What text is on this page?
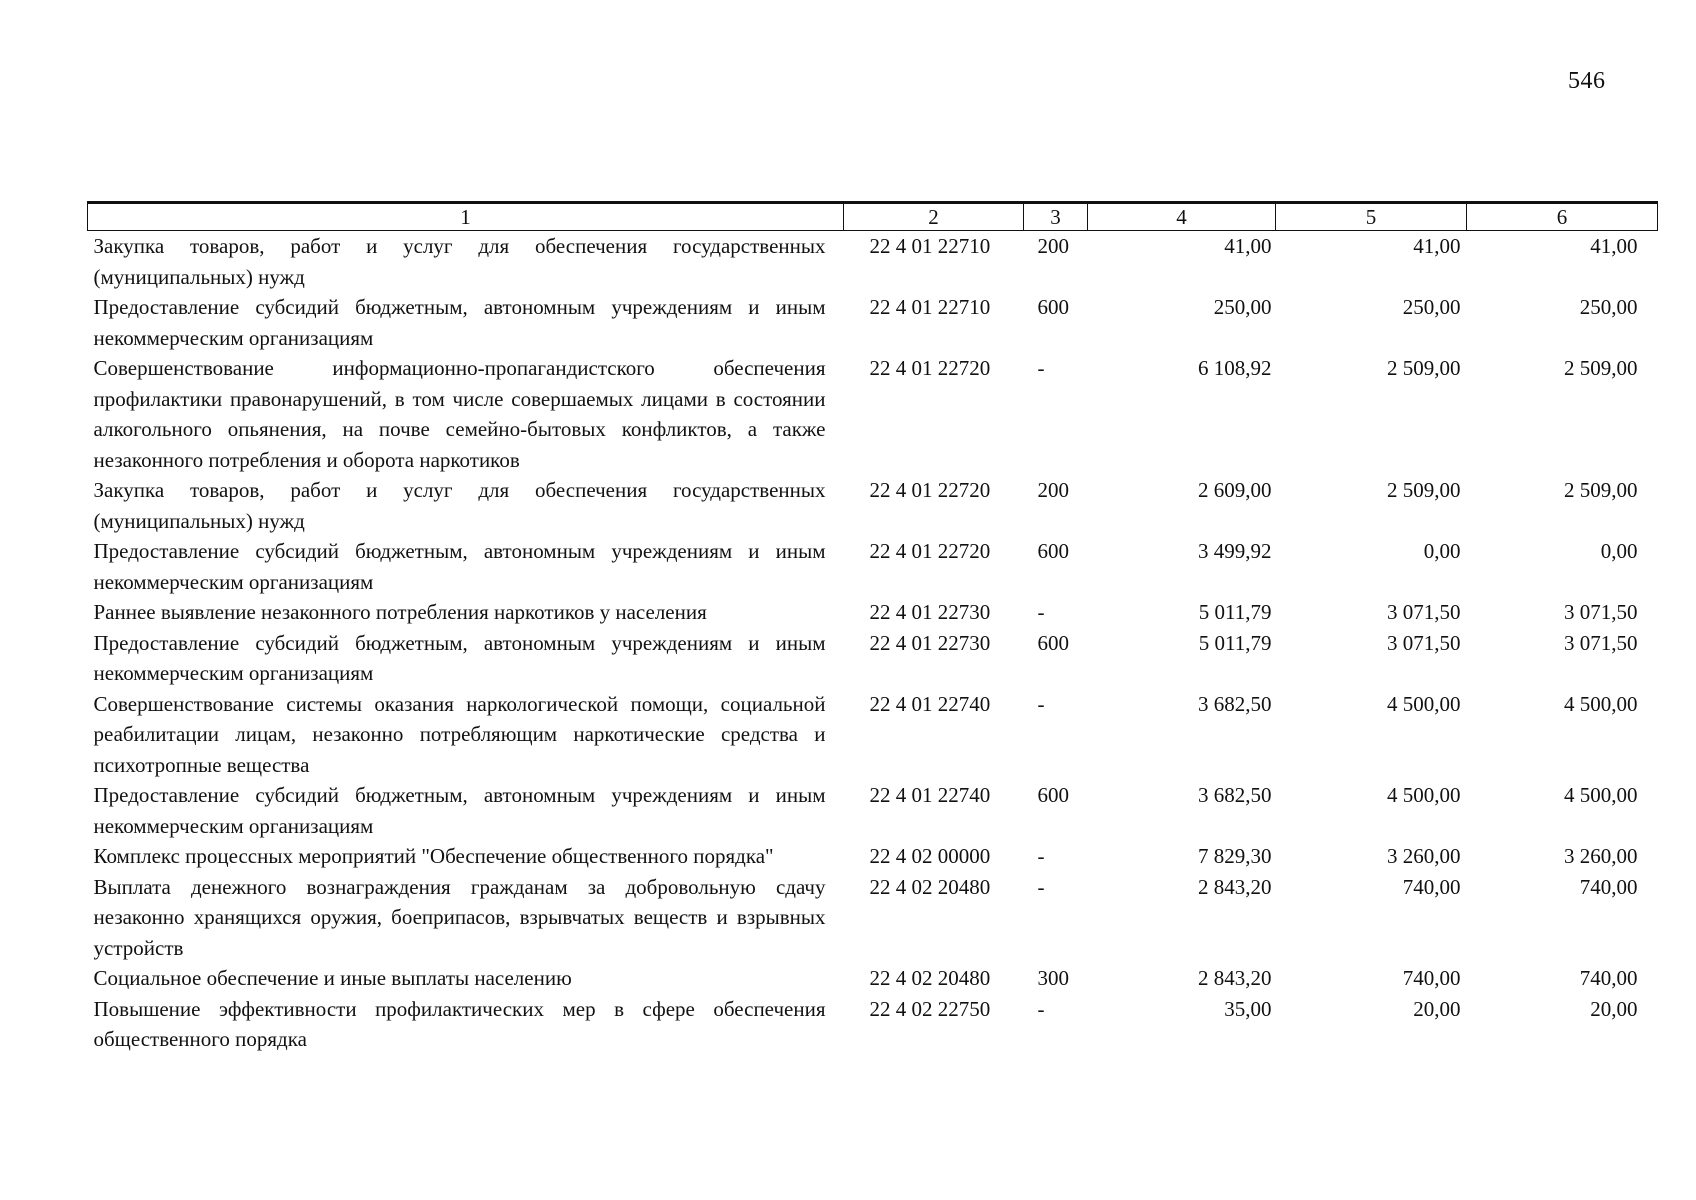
546
1	2	3	4	5	6
Закупка товаров, работ и услуг для обеспечения государственных (муниципальных) нужд	22 4 01 22710	200	41,00	41,00	41,00
Предоставление субсидий бюджетным, автономным учреждениям и иным некоммерческим организациям	22 4 01 22710	600	250,00	250,00	250,00
Совершенствование информационно-пропагандистского обеспечения профилактики правонарушений, в том числе совершаемых лицами в состоянии алкогольного опьянения, на почве семейно-бытовых конфликтов, а также незаконного потребления и оборота наркотиков	22 4 01 22720	-	6 108,92	2 509,00	2 509,00
Закупка товаров, работ и услуг для обеспечения государственных (муниципальных) нужд	22 4 01 22720	200	2 609,00	2 509,00	2 509,00
Предоставление субсидий бюджетным, автономным учреждениям и иным некоммерческим организациям	22 4 01 22720	600	3 499,92	0,00	0,00
Раннее выявление незаконного потребления наркотиков у населения	22 4 01 22730	-	5 011,79	3 071,50	3 071,50
Предоставление субсидий бюджетным, автономным учреждениям и иным некоммерческим организациям	22 4 01 22730	600	5 011,79	3 071,50	3 071,50
Совершенствование системы оказания наркологической помощи, социальной реабилитации лицам, незаконно потребляющим наркотические средства и психотропные вещества	22 4 01 22740	-	3 682,50	4 500,00	4 500,00
Предоставление субсидий бюджетным, автономным учреждениям и иным некоммерческим организациям	22 4 01 22740	600	3 682,50	4 500,00	4 500,00
Комплекс процессных мероприятий "Обеспечение общественного порядка"	22 4 02 00000	-	7 829,30	3 260,00	3 260,00
Выплата денежного вознаграждения гражданам за добровольную сдачу незаконно хранящихся оружия, боеприпасов, взрывчатых веществ и взрывных устройств	22 4 02 20480	-	2 843,20	740,00	740,00
Социальное обеспечение и иные выплаты населению	22 4 02 20480	300	2 843,20	740,00	740,00
Повышение эффективности профилактических мер в сфере обеспечения общественного порядка	22 4 02 22750	-	35,00	20,00	20,00
